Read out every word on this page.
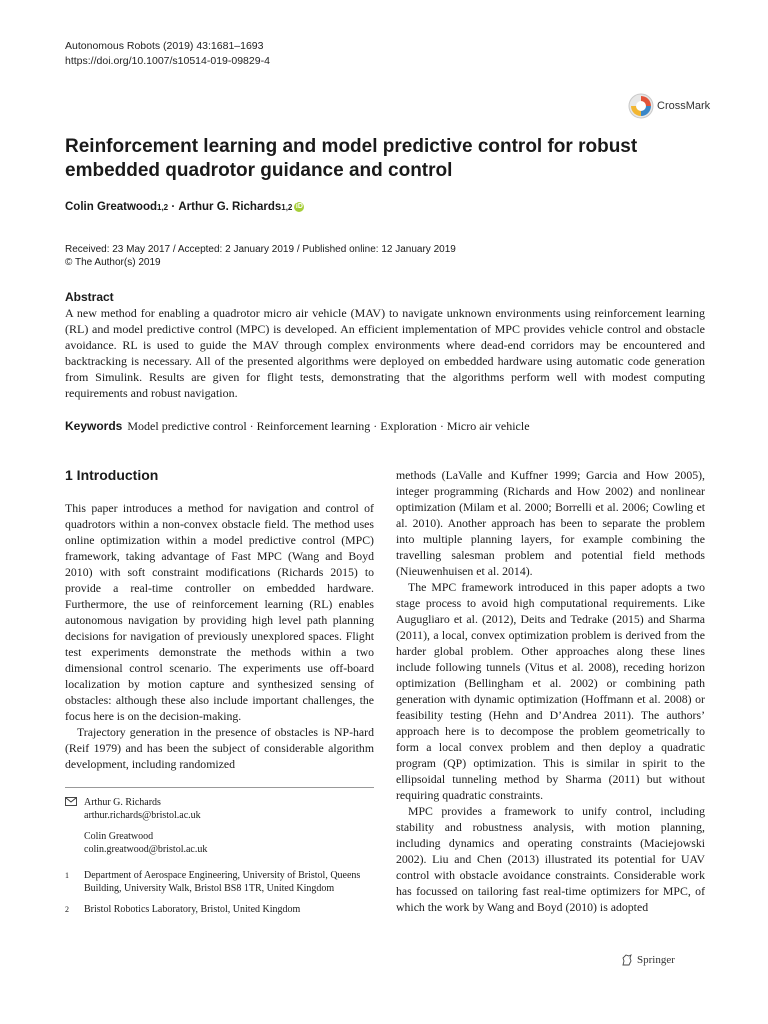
Autonomous Robots (2019) 43:1681–1693
https://doi.org/10.1007/s10514-019-09829-4
CrossMark
Reinforcement learning and model predictive control for robust embedded quadrotor guidance and control
Colin Greatwood 1,2 · Arthur G. Richards 1,2 iD
Received: 23 May 2017 / Accepted: 2 January 2019 / Published online: 12 January 2019
© The Author(s) 2019
Abstract
A new method for enabling a quadrotor micro air vehicle (MAV) to navigate unknown environments using reinforcement learning (RL) and model predictive control (MPC) is developed. An efficient implementation of MPC provides vehicle control and obstacle avoidance. RL is used to guide the MAV through complex environments where dead-end corridors may be encountered and backtracking is necessary. All of the presented algorithms were deployed on embedded hardware using automatic code generation from Simulink. Results are given for flight tests, demonstrating that the algorithms perform well with modest computing requirements and robust navigation.
Keywords Model predictive control · Reinforcement learning · Exploration · Micro air vehicle
1 Introduction

This paper introduces a method for navigation and control of quadrotors within a non-convex obstacle field. The method uses online optimization within a model predictive control (MPC) framework, taking advantage of Fast MPC (Wang and Boyd 2010) with soft constraint modifications (Richards 2015) to provide a real-time controller on embedded hardware. Furthermore, the use of reinforcement learning (RL) enables autonomous navigation by providing high level path planning decisions for navigation of previously unexplored spaces. Flight test experiments demonstrate the methods within a two dimensional control scenario. The experiments use off-board localization by motion capture and synthesized sensing of obstacles: although these also include important challenges, the focus here is on the decision-making.

Trajectory generation in the presence of obstacles is NP-hard (Reif 1979) and has been the subject of considerable algorithm development, including randomized

methods (LaValle and Kuffner 1999; Garcia and How 2005), integer programming (Richards and How 2002) and nonlinear optimization (Milam et al. 2000; Borrelli et al. 2006; Cowling et al. 2010). Another approach has been to separate the problem into multiple planning layers, for example combining the travelling salesman problem and potential field methods (Nieuwenhuisen et al. 2014).

The MPC framework introduced in this paper adopts a two stage process to avoid high computational requirements. Like Augugliaro et al. (2012), Deits and Tedrake (2015) and Sharma (2011), a local, convex optimization problem is derived from the harder global problem. Other approaches along these lines include following tunnels (Vitus et al. 2008), receding horizon optimization (Bellingham et al. 2002) or combining path generation with dynamic optimization (Hoffmann et al. 2008) or feasibility testing (Hehn and D’Andrea 2011). The authors’ approach here is to decompose the problem geometrically to form a local convex problem and then deploy a quadratic program (QP) optimization. This is similar in spirit to the ellipsoidal tunneling method by Sharma (2011) but without requiring quadratic constraints.

MPC provides a framework to unify control, including stability and robustness analysis, with motion planning, including dynamics and operating constraints (Maciejowski 2002). Liu and Chen (2013) illustrated its potential for UAV control with obstacle avoidance constraints. Considerable work has focussed on tailoring fast real-time optimizers for MPC, of which the work by Wang and Boyd (2010) is adopted

Arthur G. Richards
arthur.richards@bristol.ac.uk
Colin Greatwood
colin.greatwood@bristol.ac.uk
1	Department of Aerospace Engineering, University of Bristol, Queens Building, University Walk, Bristol BS8 1TR, United Kingdom
2	Bristol Robotics Laboratory, Bristol, United Kingdom
Springer
